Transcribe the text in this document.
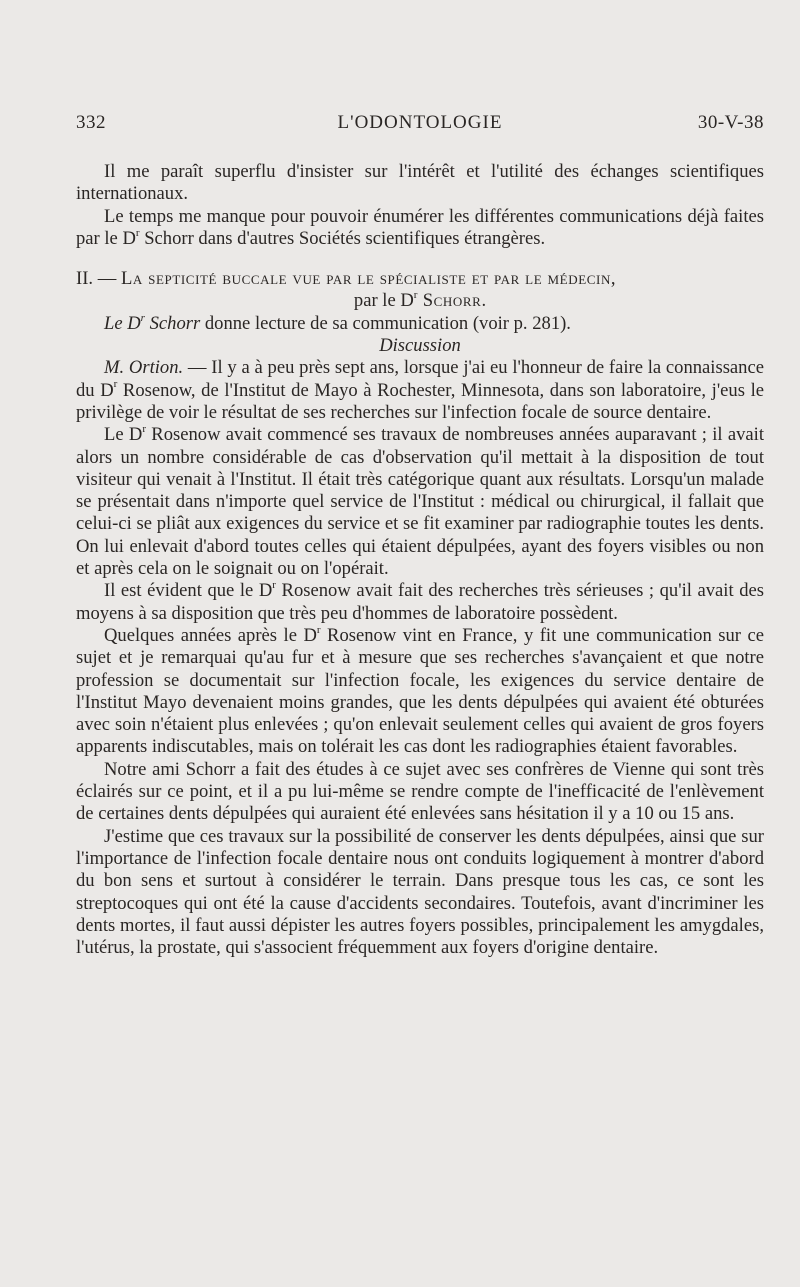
332	L'ODONTOLOGIE	30-V-38

Il me paraît superflu d'insister sur l'intérêt et l'utilité des échanges scientifiques internationaux.

Le temps me manque pour pouvoir énumérer les différentes communications déjà faites par le $D^r$ Schorr dans d'autres Sociétés scientifiques étrangères.

II. — La septicité buccale vue par le spécialiste et par le médecin,

par le $D^r$ Schorr.

Le $D^r$ Schorr donne lecture de sa communication (voir p. 281).

Discussion

M. Ortion. — Il y a à peu près sept ans, lorsque j'ai eu l'honneur de faire la connaissance du $D^r$ Rosenow, de l'Institut de Mayo à Rochester, Minnesota, dans son laboratoire, j'eus le privilège de voir le résultat de ses recherches sur l'infection focale de source dentaire.

Le $D^r$ Rosenow avait commencé ses travaux de nombreuses années auparavant ; il avait alors un nombre considérable de cas d'observation qu'il mettait à la disposition de tout visiteur qui venait à l'Institut. Il était très catégorique quant aux résultats. Lorsqu'un malade se présentait dans n'importe quel service de l'Institut : médical ou chirurgical, il fallait que celui-ci se pliât aux exigences du service et se fit examiner par radiographie toutes les dents. On lui enlevait d'abord toutes celles qui étaient dépulpées, ayant des foyers visibles ou non et après cela on le soignait ou on l'opérait.

Il est évident que le $D^r$ Rosenow avait fait des recherches très sérieuses ; qu'il avait des moyens à sa disposition que très peu d'hommes de laboratoire possèdent.

Quelques années après le $D^r$ Rosenow vint en France, y fit une communication sur ce sujet et je remarquai qu'au fur et à mesure que ses recherches s'avançaient et que notre profession se documentait sur l'infection focale, les exigences du service dentaire de l'Institut Mayo devenaient moins grandes, que les dents dépulpées qui avaient été obturées avec soin n'étaient plus enlevées ; qu'on enlevait seulement celles qui avaient de gros foyers apparents indiscutables, mais on tolérait les cas dont les radiographies étaient favorables.

Notre ami Schorr a fait des études à ce sujet avec ses confrères de Vienne qui sont très éclairés sur ce point, et il a pu lui-même se rendre compte de l'inefficacité de l'enlèvement de certaines dents dépulpées qui auraient été enlevées sans hésitation il y a 10 ou 15 ans.

J'estime que ces travaux sur la possibilité de conserver les dents dépulpées, ainsi que sur l'importance de l'infection focale dentaire nous ont conduits logiquement à montrer d'abord du bon sens et surtout à considérer le terrain. Dans presque tous les cas, ce sont les streptocoques qui ont été la cause d'accidents secondaires. Toutefois, avant d'incriminer les dents mortes, il faut aussi dépister les autres foyers possibles, principalement les amygdales, l'utérus, la prostate, qui s'associent fréquemment aux foyers d'origine dentaire.
